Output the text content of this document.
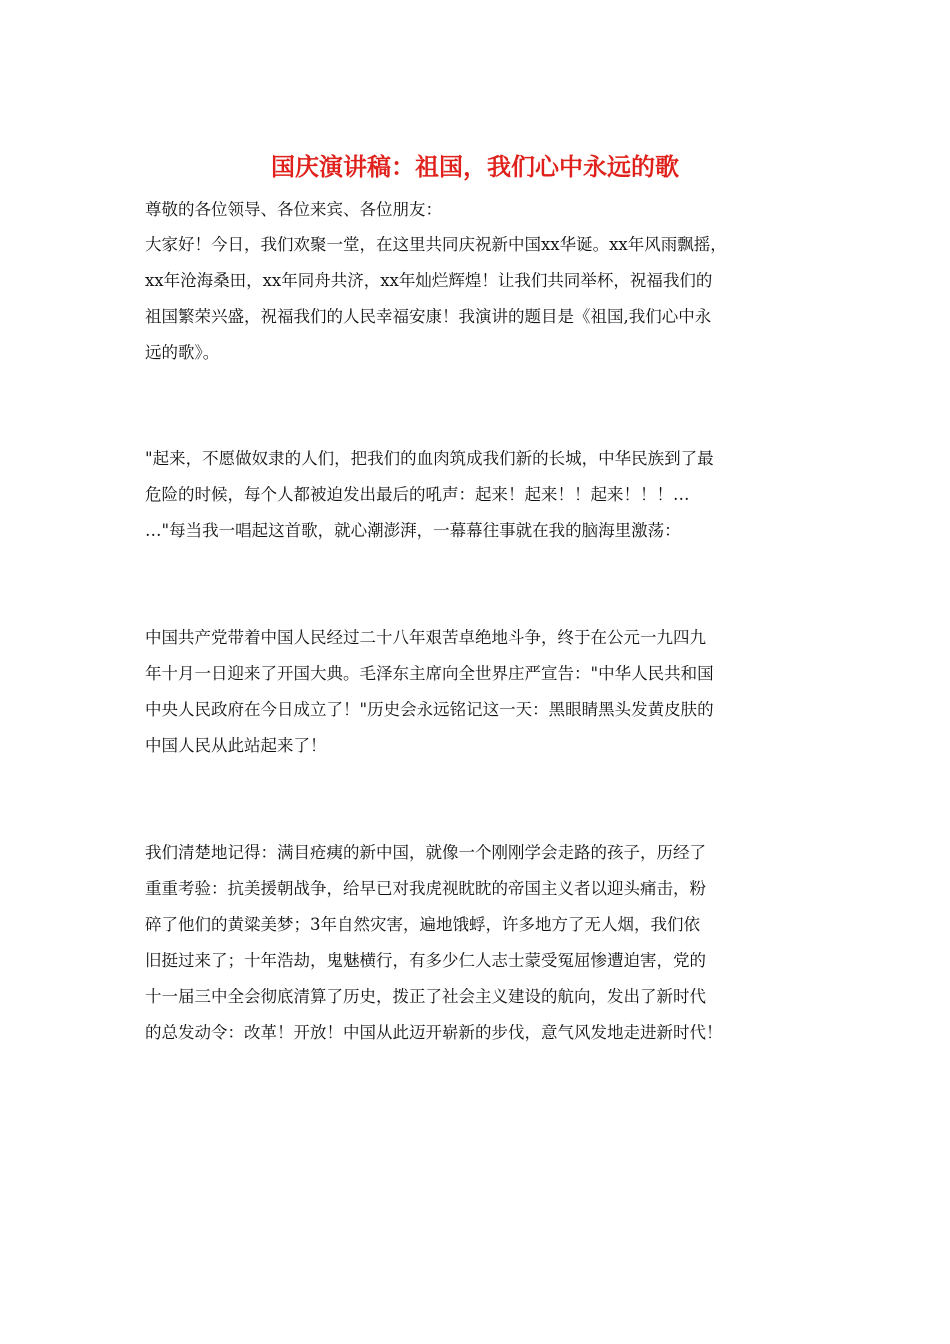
国庆演讲稿：祖国，我们心中永远的歌
尊敬的各位领导、各位来宾、各位朋友：
大家好！今日，我们欢聚一堂，在这里共同庆祝新中国xx华诞。xx年风雨飘摇，
xx年沧海桑田，xx年同舟共济，xx年灿烂辉煌！让我们共同举杯，祝福我们的
祖国繁荣兴盛，祝福我们的人民幸福安康！我演讲的题目是《祖国,我们心中永
远的歌》。
"起来，不愿做奴隶的人们，把我们的血肉筑成我们新的长城，中华民族到了最
危险的时候，每个人都被迫发出最后的吼声：起来！起来！！起来！！！…
…"每当我一唱起这首歌，就心潮澎湃，一幕幕往事就在我的脑海里激荡：
中国共产党带着中国人民经过二十八年艰苦卓绝地斗争，终于在公元一九四九
年十月一日迎来了开国大典。毛泽东主席向全世界庄严宣告："中华人民共和国
中央人民政府在今日成立了！"历史会永远铭记这一天：黑眼睛黑头发黄皮肤的
中国人民从此站起来了！
我们清楚地记得：满目疮痍的新中国，就像一个刚刚学会走路的孩子，历经了
重重考验：抗美援朝战争，给早已对我虎视眈眈的帝国主义者以迎头痛击，粉
碎了他们的黄粱美梦；3年自然灾害，遍地饿蜉，许多地方了无人烟，我们依
旧挺过来了；十年浩劫，鬼魅横行，有多少仁人志士蒙受冤屈惨遭迫害，党的
十一届三中全会彻底清算了历史，拨正了社会主义建设的航向，发出了新时代
的总发动令：改革！开放！中国从此迈开崭新的步伐，意气风发地走进新时代！
